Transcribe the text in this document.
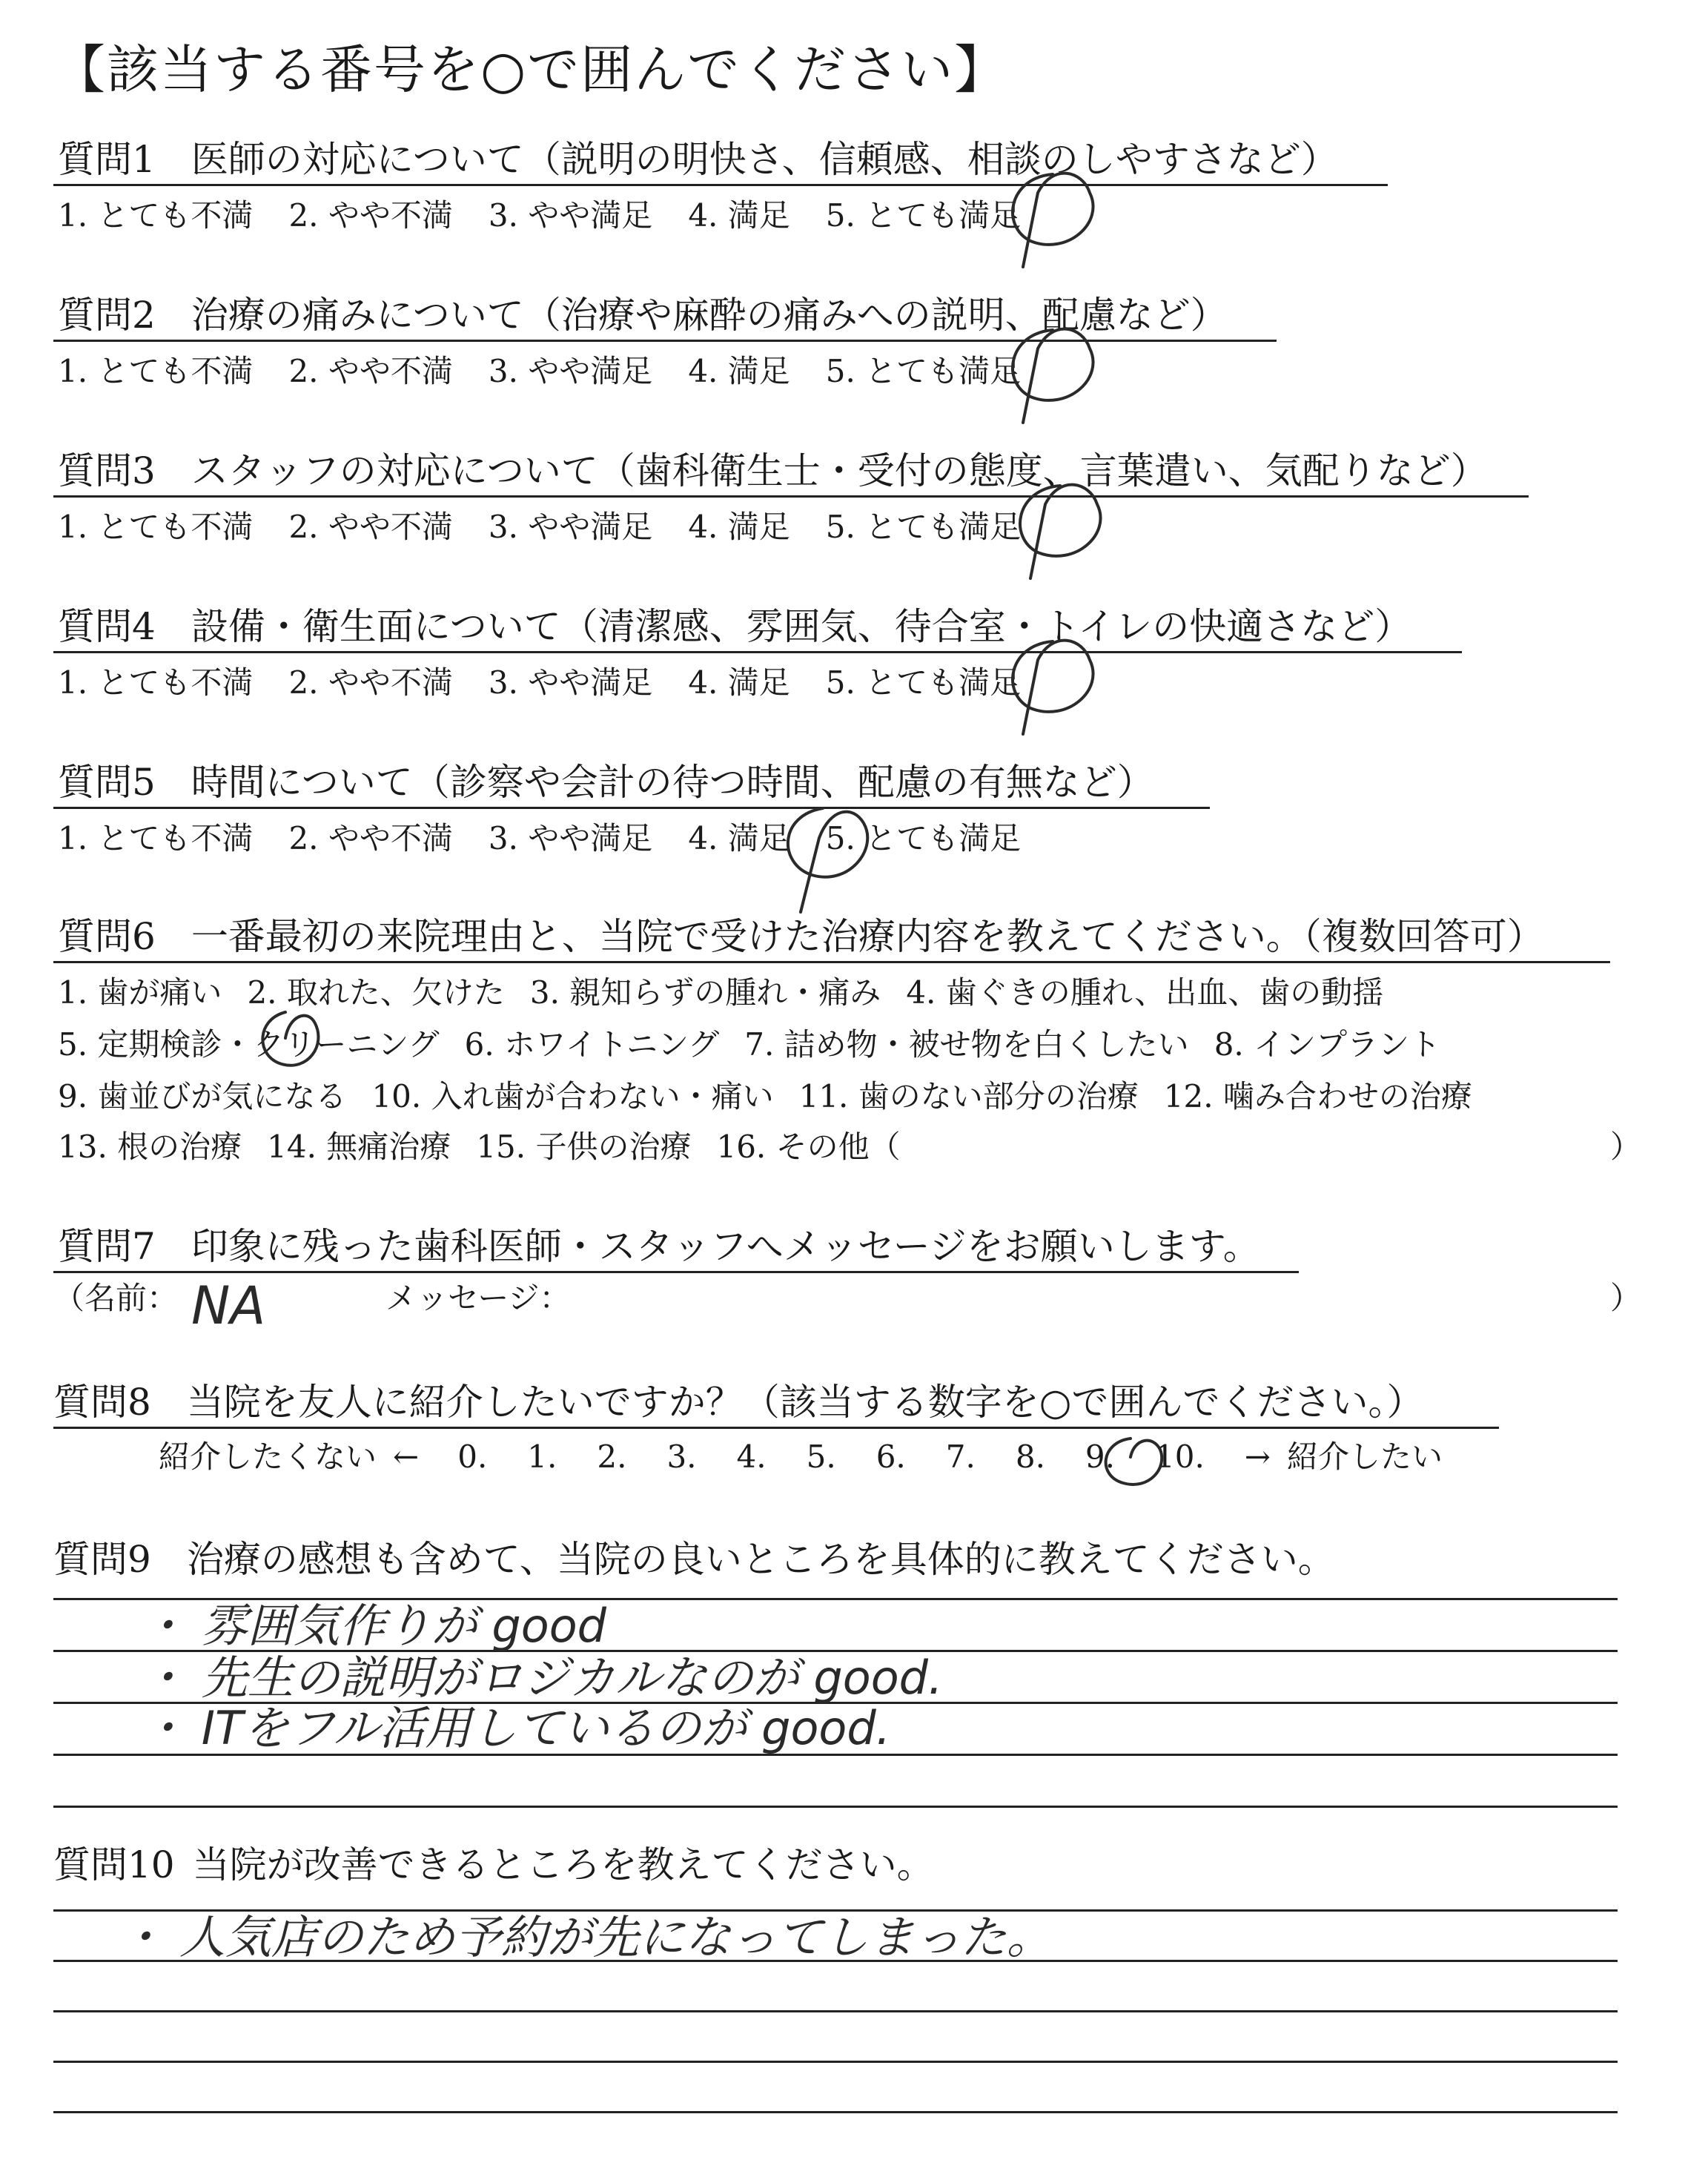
【該当する番号を○で囲んでください】
質問1 医師の対応について（説明の明快さ、信頼感、相談のしやすさなど）
1. とても不満 2. やや不満 3. やや満足 4. 満足 5. とても満足
質問2 治療の痛みについて（治療や麻酔の痛みへの説明、配慮など）
1. とても不満 2. やや不満 3. やや満足 4. 満足 5. とても満足
質問3 スタッフの対応について（歯科衛生士・受付の態度、言葉遣い、気配りなど）
1. とても不満 2. やや不満 3. やや満足 4. 満足 5. とても満足
質問4 設備・衛生面について（清潔感、雰囲気、待合室・トイレの快適さなど）
1. とても不満 2. やや不満 3. やや満足 4. 満足 5. とても満足
質問5 時間について（診察や会計の待つ時間、配慮の有無など）
1. とても不満 2. やや不満 3. やや満足 4. 満足 5. とても満足
質問6 一番最初の来院理由と、当院で受けた治療内容を教えてください。（複数回答可）
1. 歯が痛い 2. 取れた、欠けた 3. 親知らずの腫れ・痛み 4. 歯ぐきの腫れ、出血、歯の動揺
5. 定期検診・クリーニング 6. ホワイトニング 7. 詰め物・被せ物を白くしたい 8. インプラント
9. 歯並びが気になる 10. 入れ歯が合わない・痛い 11. 歯のない部分の治療 12. 噛み合わせの治療
13. 根の治療 14. 無痛治療 15. 子供の治療 16. その他（	）
質問7 印象に残った歯科医師・スタッフへメッセージをお願いします。
（名前： NA	メッセージ：	）
質問8 当院を友人に紹介したいですか？（該当する数字を○で囲んでください。）
紹介したくない ← 0. 1. 2. 3. 4. 5. 6. 7. 8. 9. 10. → 紹介したい
質問9 治療の感想も含めて、当院の良いところを具体的に教えてください。
・ 雰囲気作りが good
・ 先生の説明がロジカルなのが good.
・ ITをフル活用しているのが good.
質問10 当院が改善できるところを教えてください。
・ 人気店のため予約が先になってしまった。
